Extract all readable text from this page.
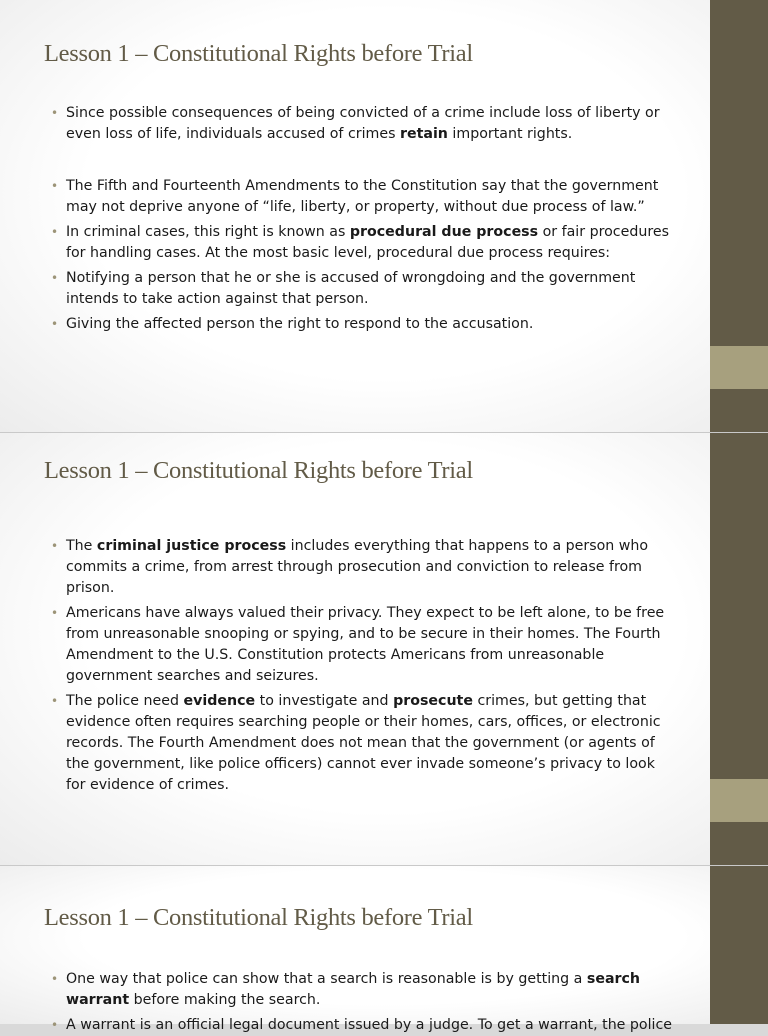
Lesson 1 – Constitutional Rights before Trial
• Since possible consequences of being convicted of a crime include loss of liberty or even loss of life, individuals accused of crimes retain important rights.
• The Fifth and Fourteenth Amendments to the Constitution say that the government may not deprive anyone of “life, liberty, or property, without due process of law.”
• In criminal cases, this right is known as procedural due process or fair procedures for handling cases. At the most basic level, procedural due process requires:
• Notifying a person that he or she is accused of wrongdoing and the government intends to take action against that person.
• Giving the affected person the right to respond to the accusation.
Lesson 1 – Constitutional Rights before Trial
• The criminal justice process includes everything that happens to a person who commits a crime, from arrest through prosecution and conviction to release from prison.
• Americans have always valued their privacy. They expect to be left alone, to be free from unreasonable snooping or spying, and to be secure in their homes. The Fourth Amendment to the U.S. Constitution protects Americans from unreasonable government searches and seizures.
• The police need evidence to investigate and prosecute crimes, but getting that evidence often requires searching people or their homes, cars, offices, or electronic records. The Fourth Amendment does not mean that the government (or agents of the government, like police officers) cannot ever invade someone’s privacy to look for evidence of crimes.
Lesson 1 – Constitutional Rights before Trial
• One way that police can show that a search is reasonable is by getting a search warrant before making the search.
• A warrant is an official legal document issued by a judge. To get a warrant, the police
